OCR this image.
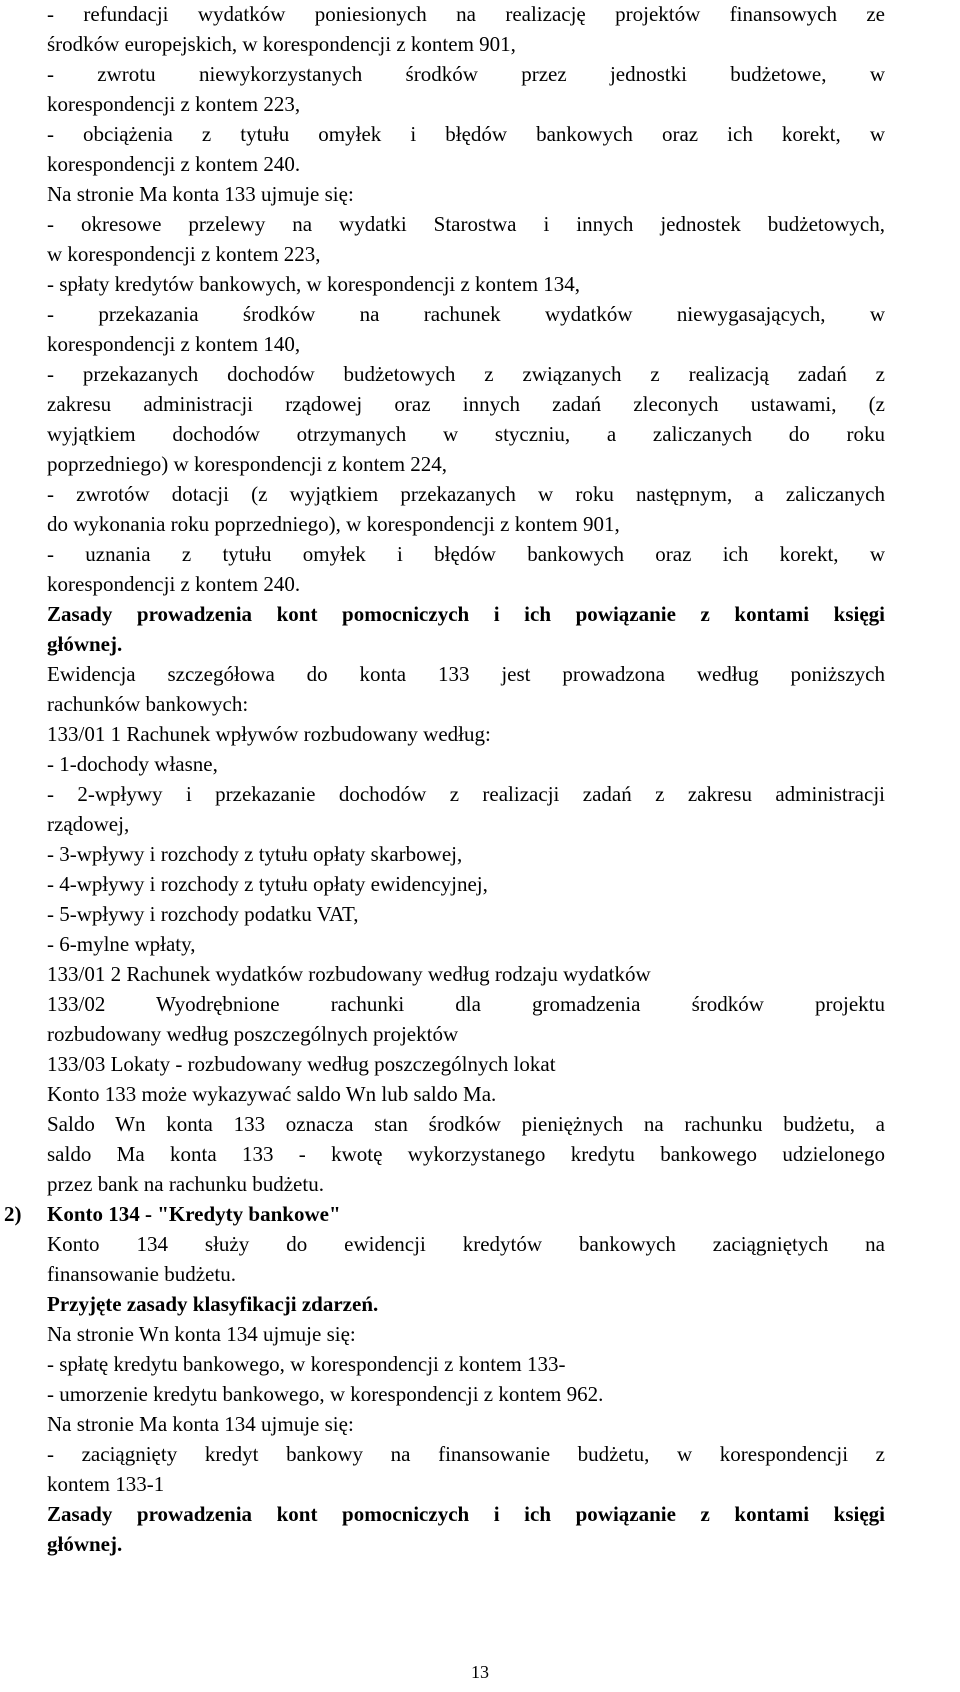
- refundacji wydatków poniesionych na realizację projektów finansowych ze
środków europejskich, w korespondencji z kontem 901,
- zwrotu niewykorzystanych środków przez jednostki budżetowe, w
korespondencji z kontem 223,
- obciążenia z tytułu omyłek i błędów bankowych oraz ich korekt, w
korespondencji z kontem 240.
Na stronie Ma konta 133 ujmuje się:
- okresowe przelewy na wydatki Starostwa i innych jednostek budżetowych,
w korespondencji z kontem 223,
- spłaty kredytów bankowych, w korespondencji z kontem 134,
- przekazania środków na rachunek wydatków niewygasających, w
korespondencji z kontem 140,
- przekazanych dochodów budżetowych z związanych z realizacją zadań z
zakresu administracji rządowej oraz innych zadań zleconych ustawami, (z
wyjątkiem dochodów otrzymanych w styczniu, a zaliczanych do roku
poprzedniego) w korespondencji z kontem 224,
- zwrotów dotacji (z wyjątkiem przekazanych w roku następnym, a zaliczanych
do wykonania roku poprzedniego), w korespondencji z kontem 901,
- uznania z tytułu omyłek i błędów bankowych oraz ich korekt, w
korespondencji z kontem 240.
Zasady prowadzenia kont pomocniczych i ich powiązanie z kontami księgi
głównej.
Ewidencja szczegółowa do konta 133 jest prowadzona według poniższych
rachunków bankowych:
133/01 1 Rachunek wpływów rozbudowany według:
- 1-dochody własne,
- 2-wpływy i przekazanie dochodów z realizacji zadań z zakresu administracji
rządowej,
- 3-wpływy i rozchody z tytułu opłaty skarbowej,
- 4-wpływy i rozchody z tytułu opłaty ewidencyjnej,
- 5-wpływy i rozchody podatku VAT,
- 6-mylne wpłaty,
133/01 2 Rachunek wydatków rozbudowany według rodzaju wydatków
133/02 Wyodrębnione rachunki dla gromadzenia środków projektu
rozbudowany według poszczególnych projektów
133/03 Lokaty - rozbudowany według poszczególnych lokat
Konto 133 może wykazywać saldo Wn lub saldo Ma.
Saldo Wn konta 133 oznacza stan środków pieniężnych na rachunku budżetu, a
saldo Ma konta 133 - kwotę wykorzystanego kredytu bankowego udzielonego
przez bank na rachunku budżetu.
2) Konto 134 - "Kredyty bankowe"
Konto 134 służy do ewidencji kredytów bankowych zaciągniętych na
finansowanie budżetu.
Przyjęte zasady klasyfikacji zdarzeń.
Na stronie Wn konta 134 ujmuje się:
- spłatę kredytu bankowego, w korespondencji z kontem 133-
- umorzenie kredytu bankowego, w korespondencji z kontem 962.
Na stronie Ma konta 134 ujmuje się:
- zaciągnięty kredyt bankowy na finansowanie budżetu, w korespondencji z
kontem 133-1
Zasady prowadzenia kont pomocniczych i ich powiązanie z kontami księgi
głównej.
13
